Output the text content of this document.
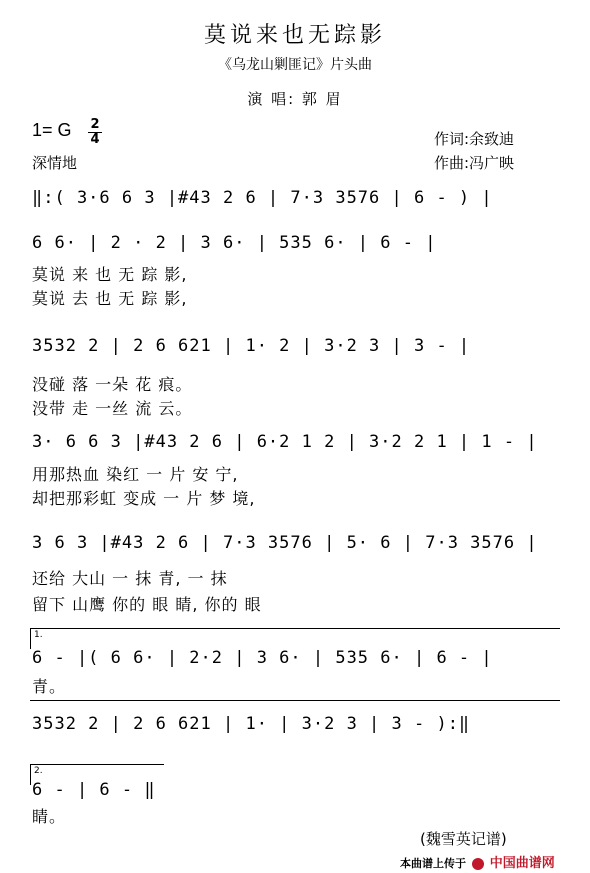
莫说来也无踪影
《乌龙山剿匪记》片头曲
演 唱: 郭 眉
1= G 2
4
深情地
作词:余致迪
作曲:冯广映
‖:( 3·6 6 3 |#43 2 6 | 7·3 3576 | 6 - ) |
6 6· | 2 · 2 | 3 6· | 535 6· | 6 - |
莫说 来 也 无 踪 影,
莫说 去 也 无 踪 影,
3532 2 | 2 6 621 | 1· 2 | 3·2 3 | 3 - |
没碰 落 一朵 花 痕。
没带 走 一丝 流 云。
3· 6 6 3 |#43 2 6 | 6·2 1 2 | 3·2 2 1 | 1 - |
用那热血 染红 一 片 安 宁,
却把那彩虹 变成 一 片 梦 境,
3 6 3 |#43 2 6 | 7·3 3576 | 5· 6 | 7·3 3576 |
还给 大山 一 抹 青, 一 抹
留下 山鹰 你的 眼 睛, 你的 眼
1.
6 - |( 6 6· | 2·2 | 3 6· | 535 6· | 6 - |
青。
3532 2 | 2 6 621 | 1· | 3·2 3 | 3 - ):‖
2.
6 - | 6 - ‖
睛。
(魏雪英记谱)
本曲谱上传于 中国曲谱网
